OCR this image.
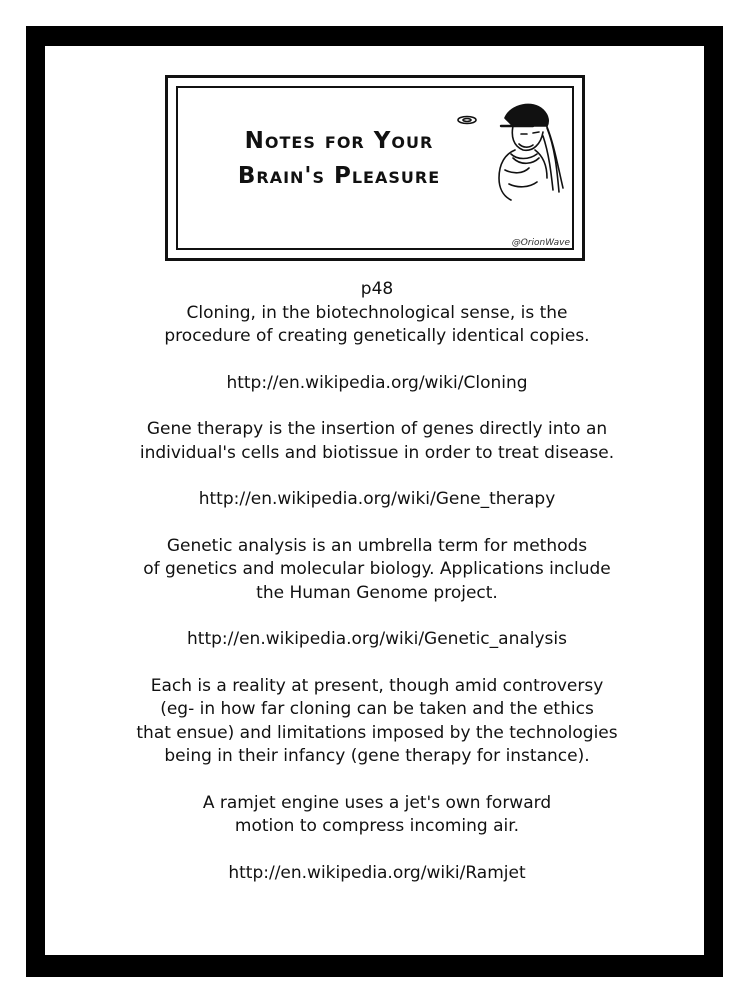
Notes for Your
Brain's Pleasure
@OrionWave

p48

Cloning, in the biotechnological sense, is the

procedure of creating genetically identical copies.

http://en.wikipedia.org/wiki/Cloning

Gene therapy is the insertion of genes directly into an

individual's cells and biotissue in order to treat disease.

http://en.wikipedia.org/wiki/Gene_therapy

Genetic analysis is an umbrella term for methods

of genetics and molecular biology. Applications include

the Human Genome project.

http://en.wikipedia.org/wiki/Genetic_analysis

Each is a reality at present, though amid controversy

(eg- in how far cloning can be taken and the ethics

that ensue) and limitations imposed by the technologies

being in their infancy (gene therapy for instance).

A ramjet engine uses a jet's own forward

motion to compress incoming air.

http://en.wikipedia.org/wiki/Ramjet
